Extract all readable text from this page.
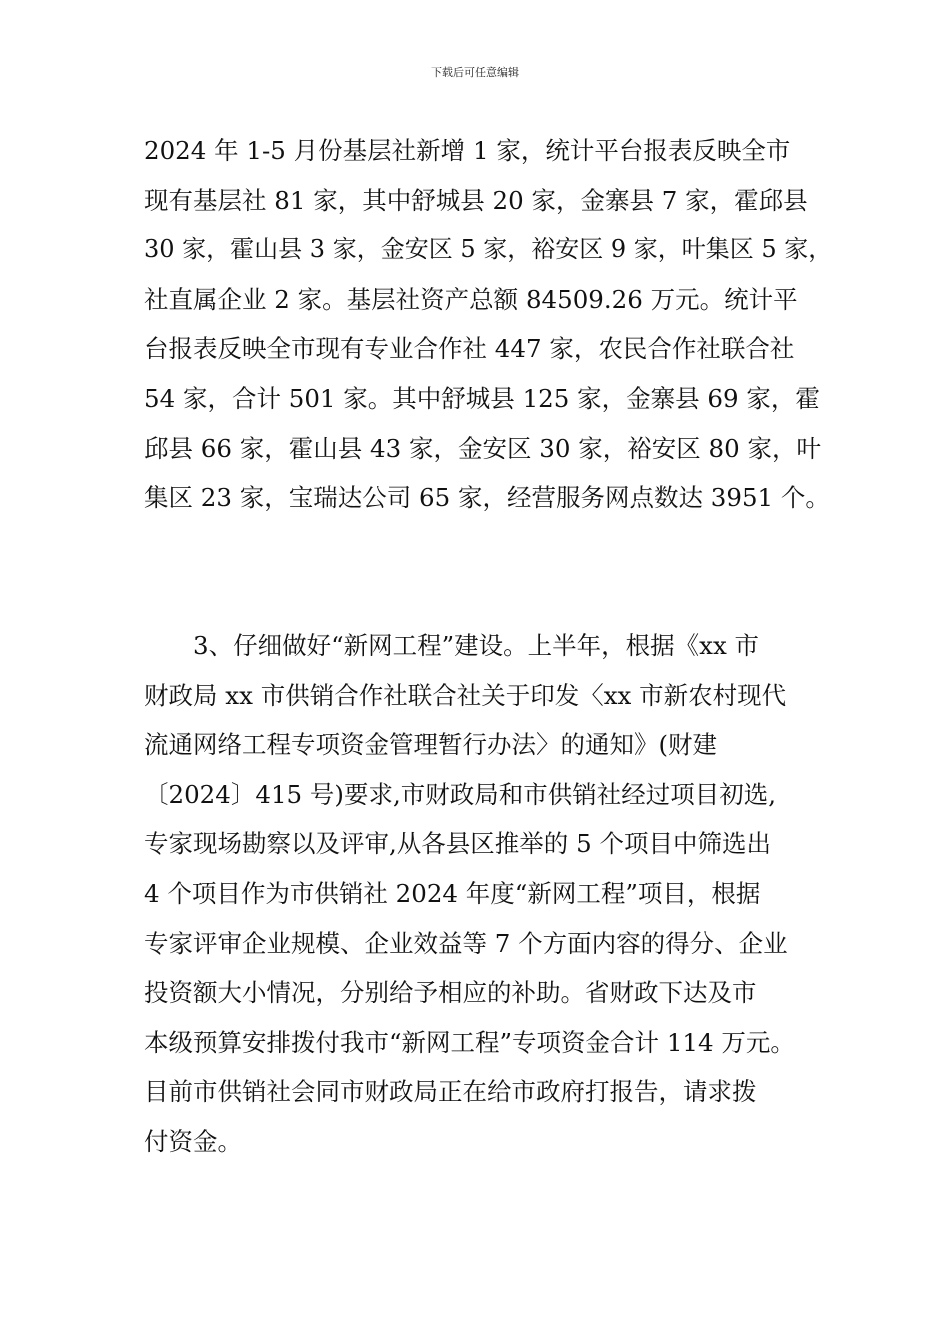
下载后可任意编辑
2024 年 1-5 月份基层社新增 1 家，统计平台报表反映全市
现有基层社 81 家，其中舒城县 20 家，金寨县 7 家，霍邱县
30 家，霍山县 3 家，金安区 5 家，裕安区 9 家，叶集区 5 家，
社直属企业 2 家。基层社资产总额 84509.26 万元。统计平
台报表反映全市现有专业合作社 447 家，农民合作社联合社
54 家，合计 501 家。其中舒城县 125 家，金寨县 69 家，霍
邱县 66 家，霍山县 43 家，金安区 30 家，裕安区 80 家，叶
集区 23 家，宝瑞达公司 65 家，经营服务网点数达 3951 个。
　　3、仔细做好“新网工程”建设。上半年，根据《xx 市
财政局 xx 市供销合作社联合社关于印发〈xx 市新农村现代
流通网络工程专项资金管理暂行办法〉的通知》(财建
〔2024〕415 号)要求,市财政局和市供销社经过项目初选,
专家现场勘察以及评审,从各县区推举的 5 个项目中筛选出
4 个项目作为市供销社 2024 年度“新网工程”项目，根据
专家评审企业规模、企业效益等 7 个方面内容的得分、企业
投资额大小情况，分别给予相应的补助。省财政下达及市
本级预算安排拨付我市“新网工程”专项资金合计 114 万元。
目前市供销社会同市财政局正在给市政府打报告，请求拨
付资金。
